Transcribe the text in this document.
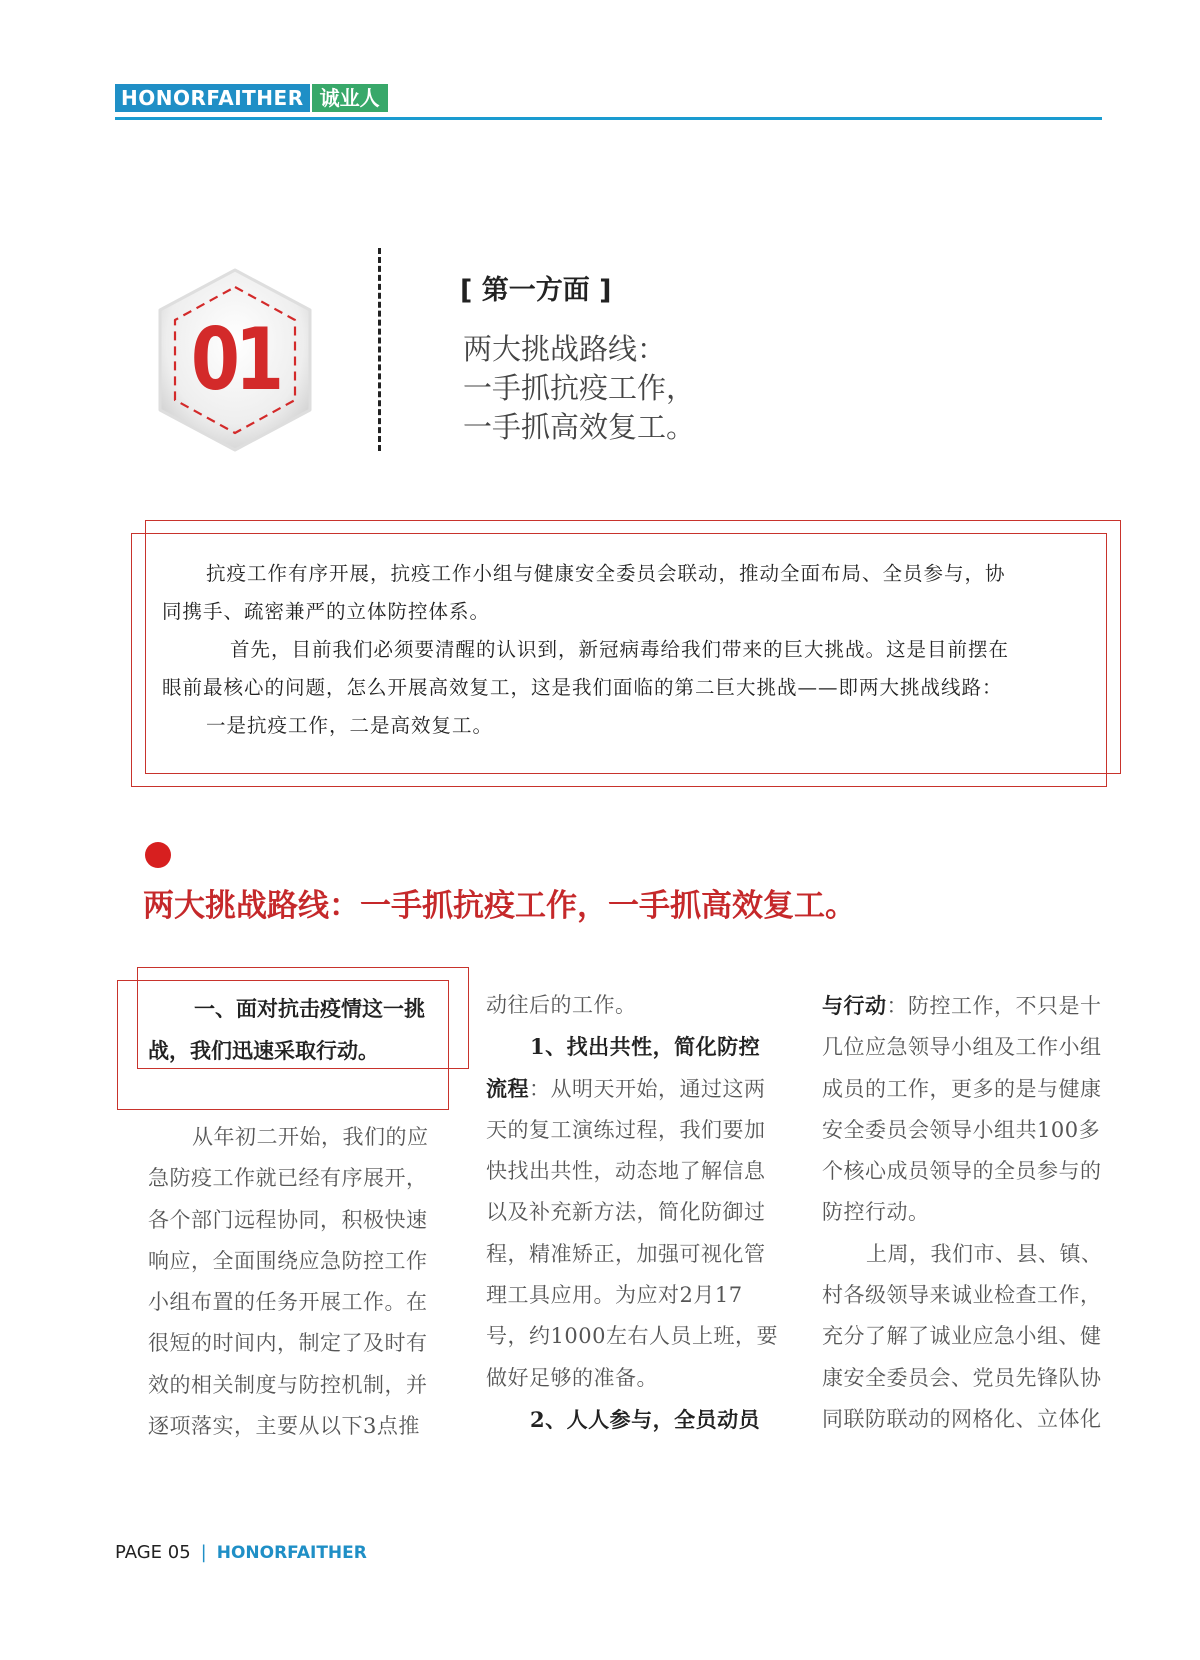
HONORFAITHER 诚业人
01
[ 第一方面 ]
两大挑战路线：
一手抓抗疫工作，
一手抓高效复工。

抗疫工作有序开展，抗疫工作小组与健康安全委员会联动，推动全面布局、全员参与，协

同携手、疏密兼严的立体防控体系。

首先，目前我们必须要清醒的认识到，新冠病毒给我们带来的巨大挑战。这是目前摆在

眼前最核心的问题，怎么开展高效复工，这是我们面临的第二巨大挑战——即两大挑战线路：

一是抗疫工作，二是高效复工。

两大挑战路线：一手抓抗疫工作，一手抓高效复工。
一、面对抗击疫情这一挑
战，我们迅速采取行动。
从年初二开始，我们的应
急防疫工作就已经有序展开，
各个部门远程协同，积极快速
响应，全面围绕应急防控工作
小组布置的任务开展工作。在
很短的时间内，制定了及时有
效的相关制度与防控机制，并
逐项落实，主要从以下3点推
动往后的工作。
1、找出共性，简化防控
流程：从明天开始，通过这两
天的复工演练过程，我们要加
快找出共性，动态地了解信息
以及补充新方法，简化防御过
程，精准矫正，加强可视化管
理工具应用。为应对2月17
号，约1000左右人员上班，要
做好足够的准备。
2、人人参与，全员动员
与行动：防控工作，不只是十
几位应急领导小组及工作小组
成员的工作，更多的是与健康
安全委员会领导小组共100多
个核心成员领导的全员参与的
防控行动。
上周，我们市、县、镇、
村各级领导来诚业检查工作，
充分了解了诚业应急小组、健
康安全委员会、党员先锋队协
同联防联动的网格化、立体化
PAGE 05 | HONORFAITHER
